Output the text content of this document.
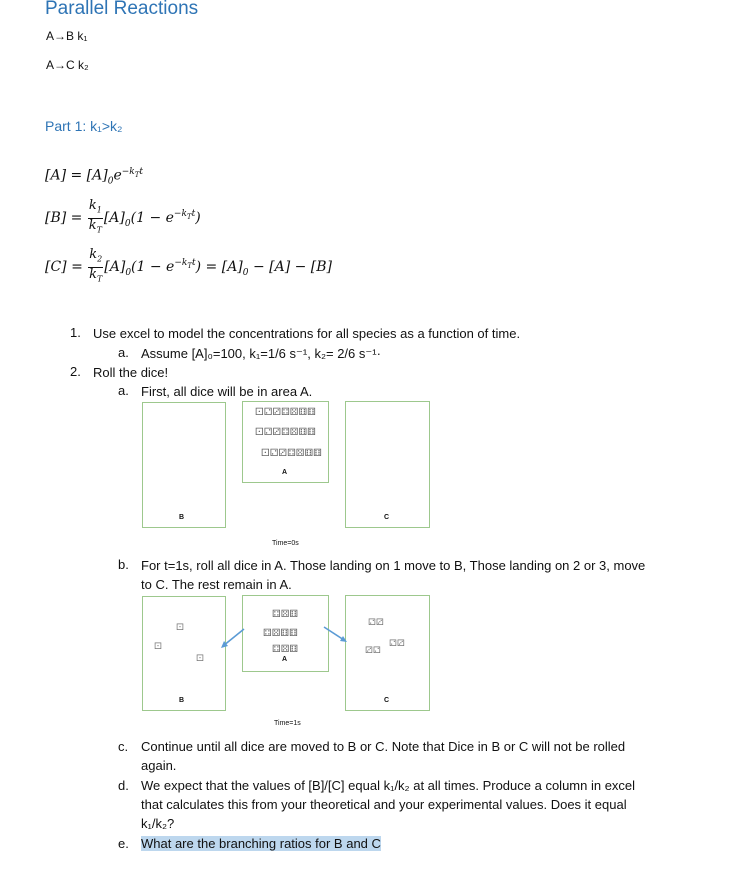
Parallel Reactions
A→B k₁
A→C k₂
Part 1: k₁>k₂
$[A] = [A]_0e^{-k_Tt}$
$[B] = \frac{k_1}{k_T} [A]_0(1 - e^{-k_Tt})$
$[C] = \frac{k_2}{k_T} [A]_0(1 - e^{-k_Tt}) = [A]_0 - [A] - [B]$
1. Use excel to model the concentrations for all species as a function of time.
a. Assume [A]₀=100, k₁=1/6 s⁻¹, k₂= 2/6 s⁻¹·
2. Roll the dice!
a. First, all dice will be in area A.
⚀⚁⚂⚃⚄⚅⚅
⚀⚁⚂⚃⚄⚅⚅
⚀⚁⚂⚃⚄⚅⚅
A
B	C
Time=0s
b. For t=1s, roll all dice in A. Those landing on 1 move to B, Those landing on 2 or 3, move
to C. The rest remain in A.
⚃⚄⚅
⚃⚄⚅⚅
⚃⚄⚅
⚀
⚀
⚀
⚁⚂
⚁⚂
⚂⚁
A
B	C
Time=1s
c. Continue until all dice are moved to B or C. Note that Dice in B or C will not be rolled
again.
d. We expect that the values of [B]/[C] equal k₁/k₂ at all times. Produce a column in excel
that calculates this from your theoretical and your experimental values. Does it equal
k₁/k₂?
e. What are the branching ratios for B and C
